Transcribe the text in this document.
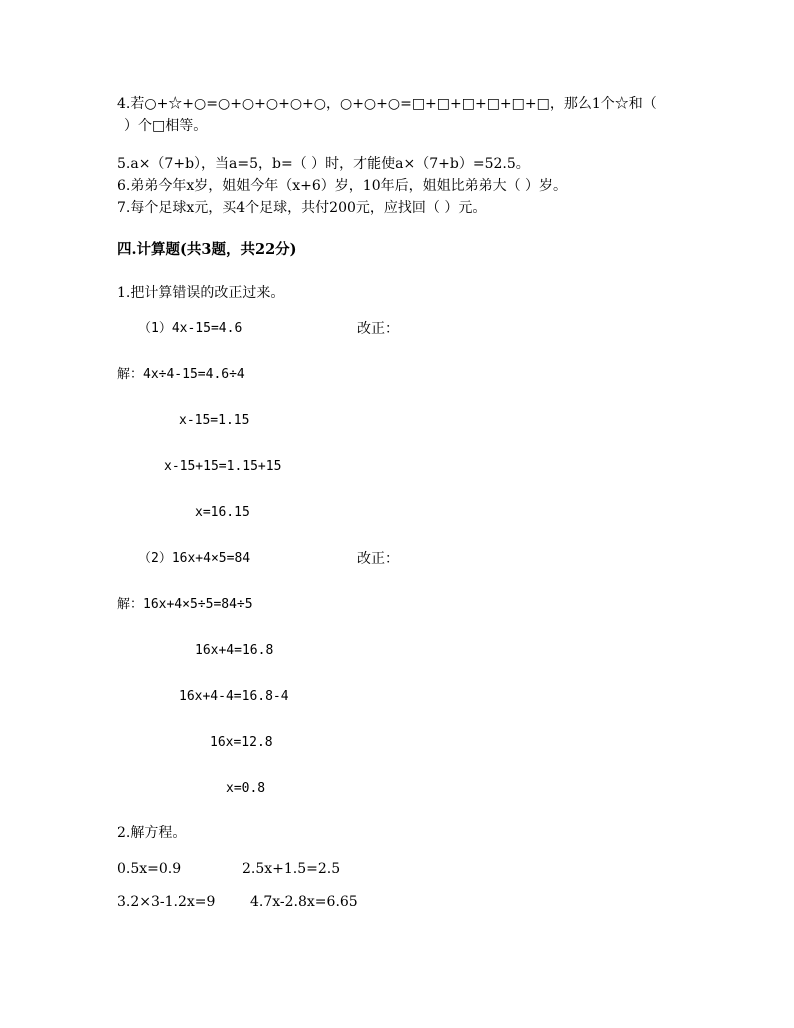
4.若○+☆+○=○+○+○+○+○，○+○+○=□+□+□+□+□+□，那么1个☆和（
）个□相等。
5.a×（7+b），当a=5，b=（ ）时，才能使a×（7+b）=52.5。
6.弟弟今年x岁，姐姐今年（x+6）岁，10年后，姐姐比弟弟大（ ）岁。
7.每个足球x元，买4个足球，共付200元，应找回（ ）元。
四.计算题(共3题，共22分)
1.把计算错误的改正过来。
（1）4x-15=4.6	改正：
解：4x÷4-15=4.6÷4
x-15=1.15
x-15+15=1.15+15
x=16.15
（2）16x+4×5=84	改正：
解：16x+4×5÷5=84÷5
16x+4=16.8
16x+4-4=16.8-4
16x=12.8
x=0.8
2.解方程。
0.5x=0.9	2.5x+1.5=2.5
3.2×3-1.2x=9 4.7x-2.8x=6.65
